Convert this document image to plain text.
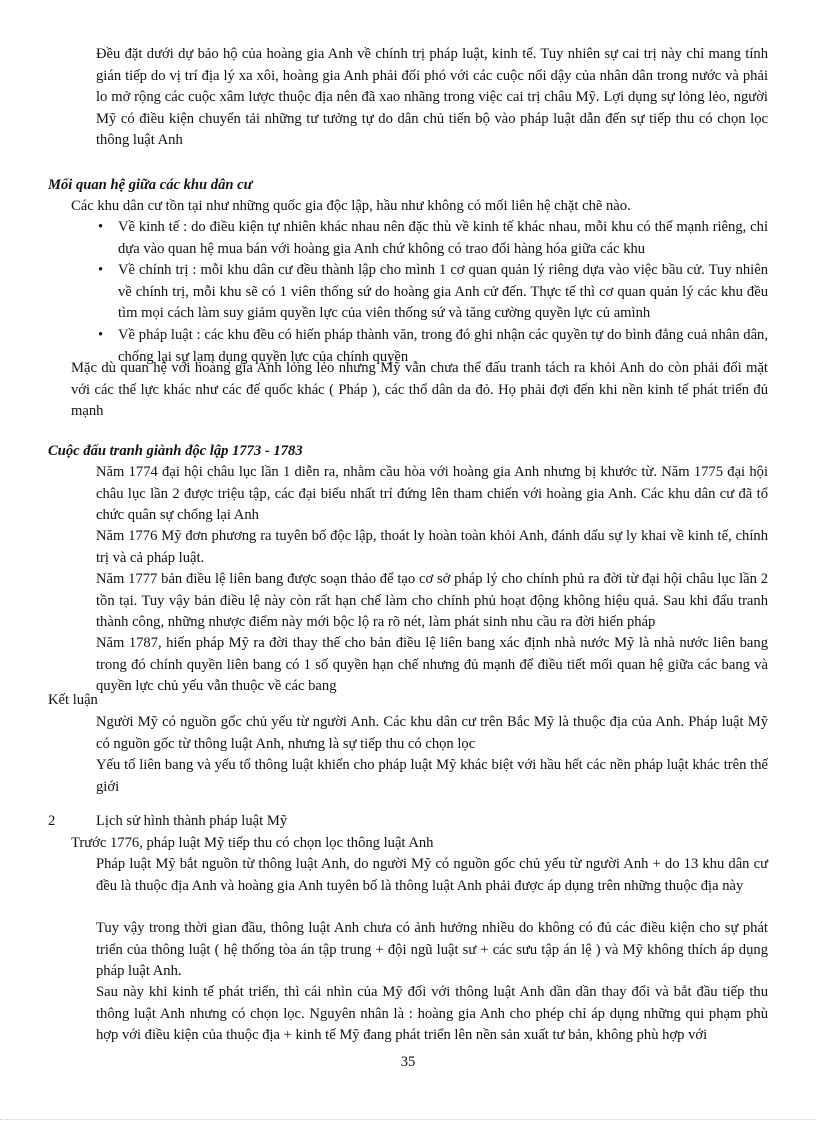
Đều đặt dưới dự bảo hộ của hoàng gia Anh về chính trị pháp luật, kinh tế. Tuy nhiên sự cai trị này chỉ mang tính gián tiếp do vị trí địa lý xa xôi, hoàng gia Anh phải đối phó với các cuộc nổi dậy của nhân dân trong nước và phải lo mở rộng các cuộc xâm lược thuộc địa nên đã xao nhãng trong việc cai trị châu Mỹ. Lợi dụng sự lỏng lẻo, người Mỹ có điều kiện chuyển tải những tư tưởng tự do dân chủ tiến bộ vào pháp luật dẫn đến sự tiếp thu có chọn lọc thông luật Anh

Mối quan hệ giữa các khu dân cư

Các khu dân cư tồn tại như những quốc gia độc lập, hầu như không có mối liên hệ chặt chẽ nào.

• Về kinh tế : do điều kiện tự nhiên khác nhau nên đặc thù về kinh tế khác nhau, mỗi khu có thế mạnh riêng, chỉ dựa vào quan hệ mua bán với hoàng gia Anh chứ không có trao đổi hàng hóa giữa các khu
• Về chính trị : mỗi khu dân cư đều thành lập cho mình 1 cơ quan quản lý riêng dựa vào việc bầu cử. Tuy nhiên về chính trị, mỗi khu sẽ có 1 viên thống sứ do hoàng gia Anh cử đến. Thực tế thì cơ quan quản lý các khu đều tìm mọi cách làm suy giảm quyền lực của viên thống sứ và tăng cường quyền lực củ amình
• Về pháp luật : các khu đều có hiến pháp thành văn, trong đó ghi nhận các quyền tự do bình đẳng cuả nhân dân, chống lại sự lạm dụng quyền lực của chính quyền

Mặc dù quan hệ với hoàng gia Anh lỏng lẻo nhưng Mỹ vẫn chưa thể đấu tranh tách ra khỏi Anh do còn phải đối mặt với các thế lực khác như các đế quốc khác ( Pháp ), các thổ dân da đỏ. Họ phải đợi đến khi nền kinh tế phát triển đủ mạnh

Cuộc đấu tranh giành độc lập 1773 - 1783

Năm 1774 đại hội châu lục lần 1 diễn ra, nhằm cầu hòa với hoàng gia Anh nhưng bị khước từ. Năm 1775 đại hội châu lục lần 2 được triệu tập, các đại biểu nhất trí đứng lên tham chiến với hoàng gia Anh. Các khu dân cư đã tổ chức quân sự chống lại Anh

Năm 1776 Mỹ đơn phương ra tuyên bố độc lập, thoát ly hoàn toàn khỏi Anh, đánh dấu sự ly khai về kinh tế, chính trị và cả pháp luật.

Năm 1777 bản điều lệ liên bang được soạn thảo để tạo cơ sở pháp lý cho chính phủ ra đời từ đại hội châu lục lần 2 tồn tại. Tuy vậy bản điều lệ này còn rất hạn chế làm cho chính phủ hoạt động không hiệu quả. Sau khi đấu tranh thành công, những nhược điểm này mới bộc lộ ra rõ nét, làm phát sinh nhu cầu ra đời hiến pháp

Năm 1787, hiến pháp Mỹ ra đời thay thế cho bản điều lệ liên bang xác định nhà nước Mỹ là nhà nước liên bang trong đó chính quyền liên bang có 1 số quyền hạn chế nhưng đủ mạnh để điều tiết mối quan hệ giữa các bang và quyền lực chủ yếu vẫn thuộc về các bang

Kết luận

Người Mỹ có nguồn gốc chủ yếu từ người Anh. Các khu dân cư trên Bắc Mỹ là thuộc địa của Anh. Pháp luật Mỹ có nguồn gốc từ thông luật Anh, nhưng là sự tiếp thu có chọn lọc

Yếu tố liên bang và yếu tố thông luật khiến cho pháp luật Mỹ khác biệt với hầu hết các nền pháp luật khác trên thế giới

2	Lịch sử hình thành pháp luật Mỹ
Trước 1776, pháp luật Mỹ tiếp thu có chọn lọc thông luật Anh

Pháp luật Mỹ bắt nguồn từ thông luật Anh, do người Mỹ có nguồn gốc chủ yếu từ người Anh + do 13 khu dân cư đều là thuộc địa Anh và hoàng gia Anh tuyên bố là thông luật Anh phải được áp dụng trên những thuộc địa này

Tuy vậy trong thời gian đầu, thông luật Anh chưa có ảnh hưởng nhiều do không có đủ các điều kiện cho sự phát triển của thông luật ( hệ thống tòa án tập trung + đội ngũ luật sư + các sưu tập án lệ ) và Mỹ không thích áp dụng pháp luật Anh.

Sau này khi kinh tế phát triển, thì cái nhìn của Mỹ đối với thông luật Anh dần dần thay đổi và bắt đầu tiếp thu thông luật Anh nhưng có chọn lọc. Nguyên nhân là : hoàng gia Anh cho phép chỉ áp dụng những qui phạm phù hợp với điều kiện của thuộc địa + kinh tế Mỹ đang phát triển lên nền sản xuất tư bản, không phù hợp với

35
